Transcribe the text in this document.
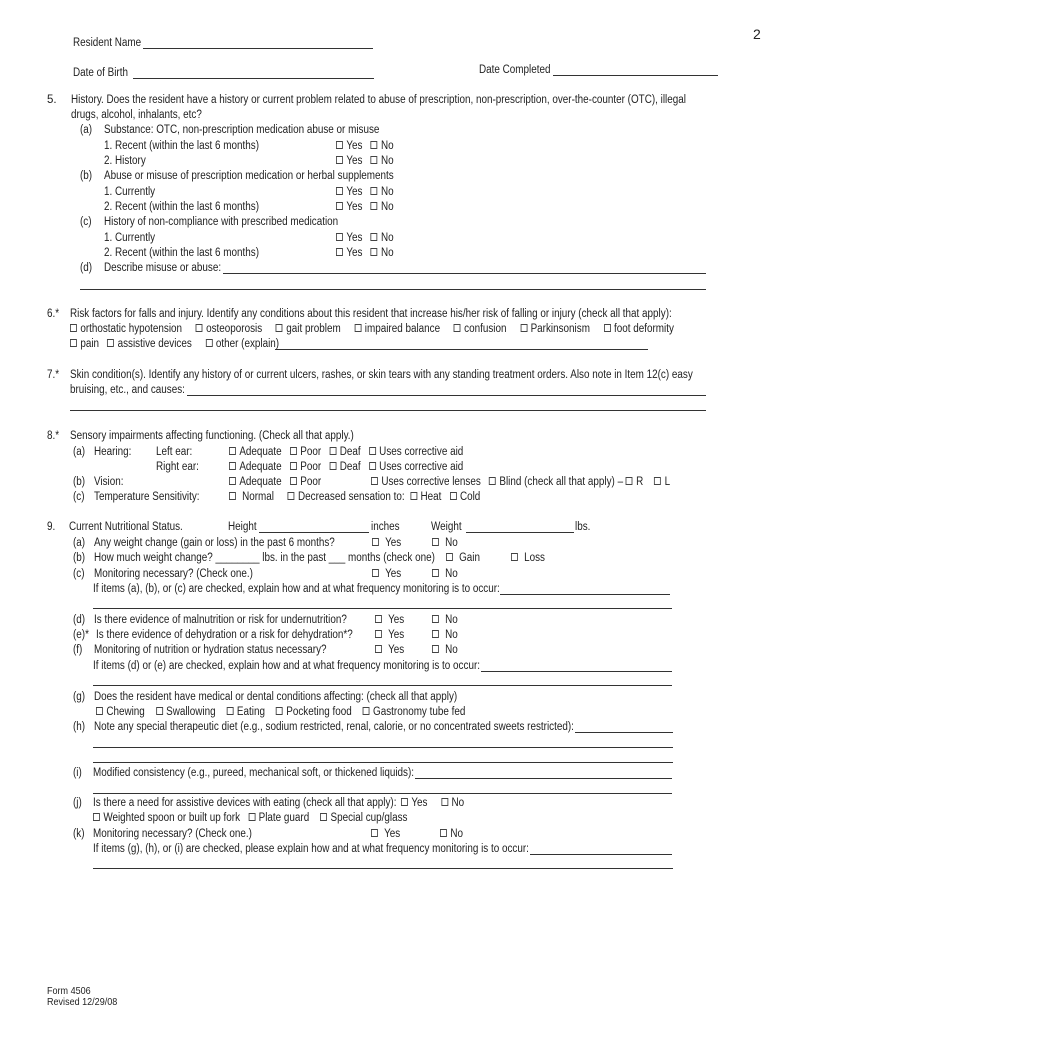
2
Resident Name
Date of Birth	Date Completed
5. History. Does the resident have a history or current problem related to abuse of prescription, non-prescription, over-the-counter (OTC), illegal
drugs, alcohol, inhalants, etc?
(a) Substance: OTC, non-prescription medication abuse or misuse
1. Recent (within the last 6 months)	Yes No
2. History	Yes No
(b) Abuse or misuse of prescription medication or herbal supplements
1. Currently	Yes No
2. Recent (within the last 6 months)	Yes No
(c) History of non-compliance with prescribed medication
1. Currently	Yes No
2. Recent (within the last 6 months)	Yes No
(d) Describe misuse or abuse:
6.* Risk factors for falls and injury. Identify any conditions about this resident that increase his/her risk of falling or injury (check all that apply):
orthostatic hypotension osteoporosis gait problem impaired balance confusion Parkinsonism foot deformity
pain assistive devices other (explain)
7.* Skin condition(s). Identify any history of or current ulcers, rashes, or skin tears with any standing treatment orders. Also note in Item 12(c) easy
bruising, etc., and causes:
8.* Sensory impairments affecting functioning. (Check all that apply.)
(a) Hearing:	Left ear:	Adequate Poor Deaf Uses corrective aid
Right ear:	Adequate Poor Deaf Uses corrective aid
(b) Vision:	Adequate Poor	Uses corrective lenses Blind (check all that apply) – R L
(c) Temperature Sensitivity:	Normal Decreased sensation to: Heat Cold
9. Current Nutritional Status.	Height	inches	Weight	lbs.
(a) Any weight change (gain or loss) in the past 6 months?	Yes	No
(b) How much weight change? ________ lbs. in the past ___ months (check one)	Gain	Loss
(c) Monitoring necessary? (Check one.)	Yes	No
If items (a), (b), or (c) are checked, explain how and at what frequency monitoring is to occur:
(d) Is there evidence of malnutrition or risk for undernutrition?	Yes	No
(e)* Is there evidence of dehydration or a risk for dehydration*?	Yes	No
(f) Monitoring of nutrition or hydration status necessary?	Yes	No
If items (d) or (e) are checked, explain how and at what frequency monitoring is to occur:
(g) Does the resident have medical or dental conditions affecting: (check all that apply)
Chewing Swallowing Eating Pocketing food Gastronomy tube fed
(h) Note any special therapeutic diet (e.g., sodium restricted, renal, calorie, or no concentrated sweets restricted):
(i) Modified consistency (e.g., pureed, mechanical soft, or thickened liquids):
(j) Is there a need for assistive devices with eating (check all that apply):	Yes No
Weighted spoon or built up fork Plate guard Special cup/glass
(k) Monitoring necessary? (Check one.)	Yes	No
If items (g), (h), or (i) are checked, please explain how and at what frequency monitoring is to occur:
Form 4506
Revised 12/29/08
